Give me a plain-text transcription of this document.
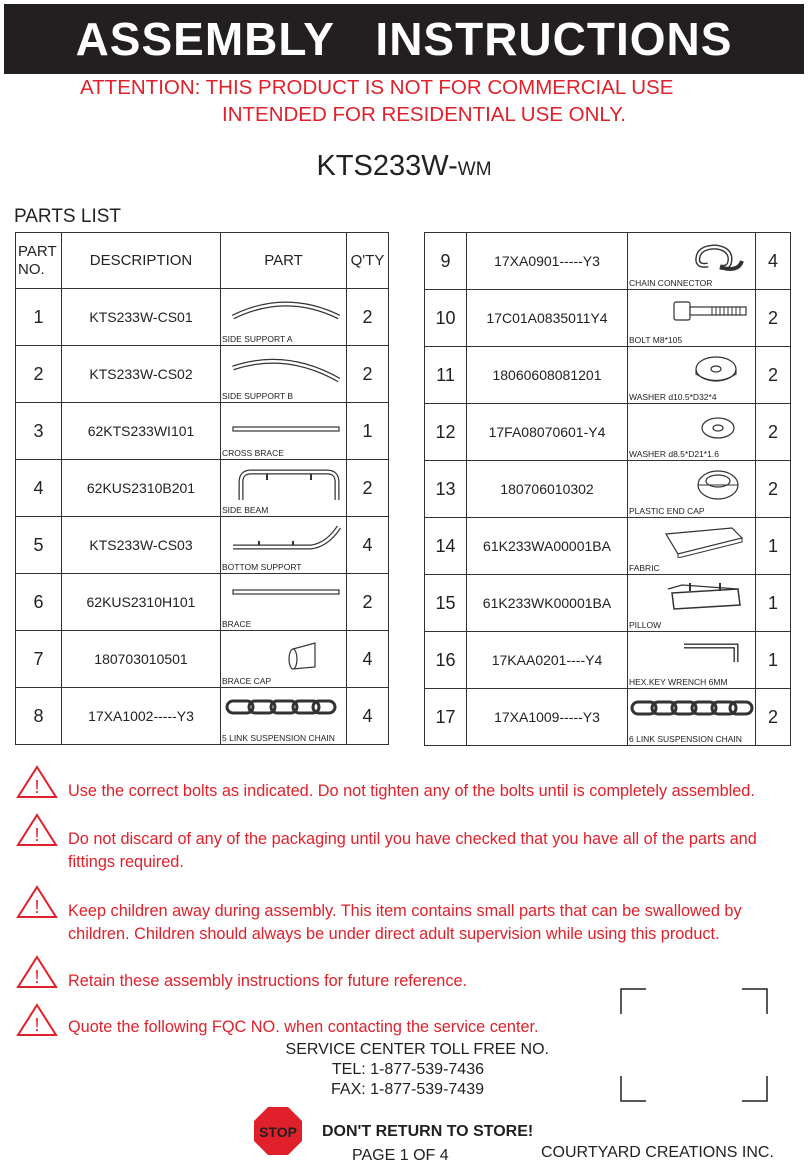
ASSEMBLY   INSTRUCTIONS
ATTENTION: THIS PRODUCT IS NOT FOR COMMERCIAL USE
INTENDED FOR RESIDENTIAL USE ONLY.
KTS233W-WM
PARTS LIST
PART NO.	DESCRIPTION	PART	Q'TY
1	KTS233W-CS01	SIDE SUPPORT A	2
2	KTS233W-CS02	SIDE SUPPORT B	2
3	62KTS233WI101	CROSS BRACE	1
4	62KUS2310B201	SIDE BEAM	2
5	KTS233W-CS03	BOTTOM SUPPORT	4
6	62KUS2310H101	BRACE	2
7	180703010501	BRACE CAP	4
8	17XA1002-----Y3	5 LINK SUSPENSION CHAIN	4
9	17XA0901-----Y3	CHAIN CONNECTOR	4
10	17C01A0835011Y4	BOLT M8*105	2
11	18060608081201	WASHER d10.5*D32*4	2
12	17FA08070601-Y4	WASHER d8.5*D21*1.6	2
13	180706010302	PLASTIC END CAP	2
14	61K233WA00001BA	FABRIC	1
15	61K233WK00001BA	PILLOW	1
16	17KAA0201----Y4	HEX.KEY WRENCH 6MM	1
17	17XA1009-----Y3	6 LINK SUSPENSION CHAIN	2
! Use the correct bolts as indicated. Do not tighten any of the bolts until is completely assembled.
! Do not discard of any of the packaging until you have checked that you have all of the parts and
fittings required.
! Keep children away during assembly. This item contains small parts that can be swallowed by
children. Children should always be under direct adult supervision while using this product.
! Retain these assembly instructions for future reference.
! Quote the following FQC NO. when contacting the service center.
SERVICE CENTER TOLL FREE NO.
TEL: 1-877-539-7436
FAX: 1-877-539-7439
STOP DON'T RETURN TO STORE!
PAGE 1 OF 4	COURTYARD CREATIONS INC.
